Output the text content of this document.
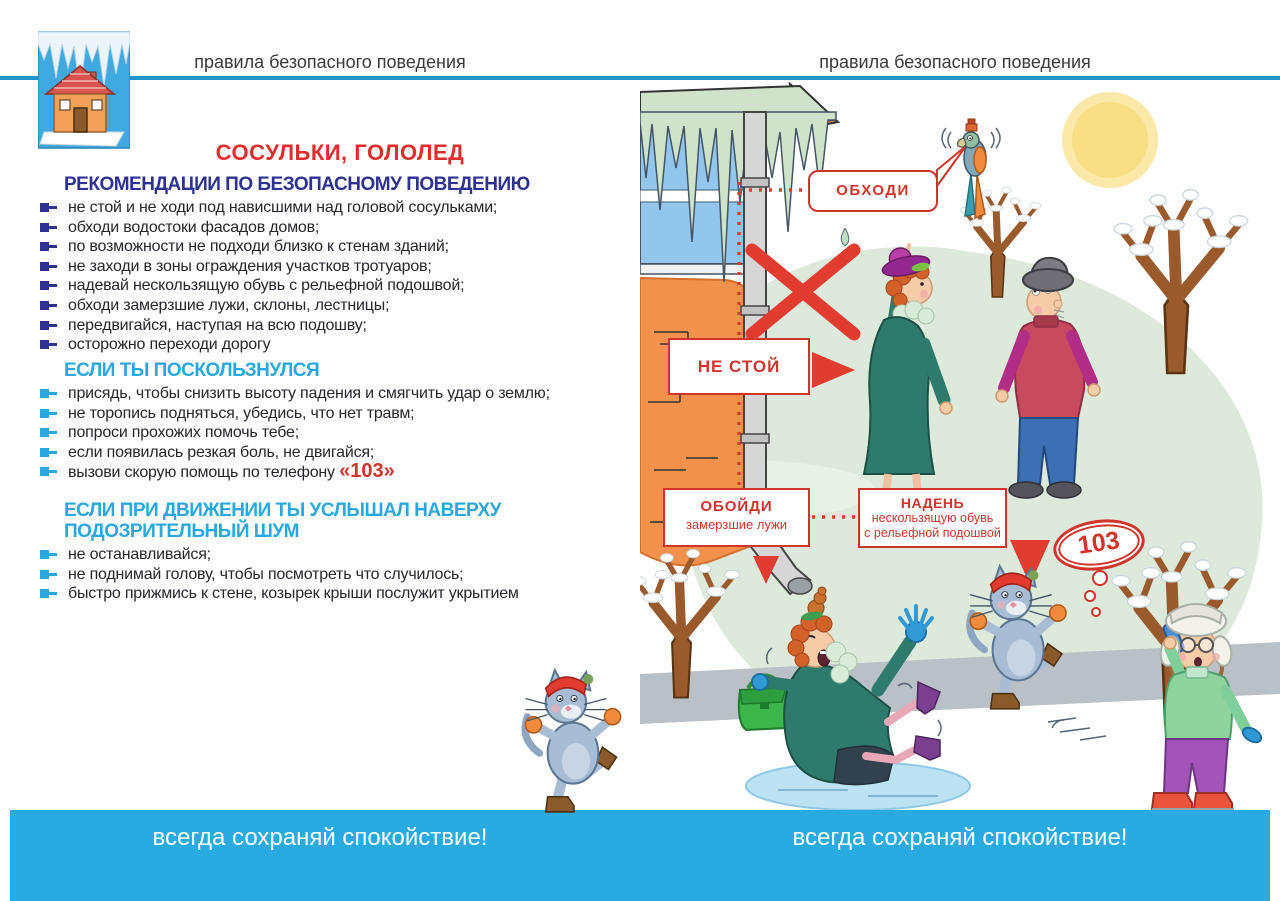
правила безопасного поведения	правила безопасного поведения
СОСУЛЬКИ, ГОЛОЛЕД
РЕКОМЕНДАЦИИ ПО БЕЗОПАСНОМУ ПОВЕДЕНИЮ
не стой и не ходи под нависшими над головой сосульками;
обходи водостоки фасадов домов;
по возможности не подходи близко к стенам зданий;
не заходи в зоны ограждения участков тротуаров;
надевай нескользящую обувь с рельефной подошвой;
обходи замерзшие лужи, склоны, лестницы;
передвигайся, наступая на всю подошву;
осторожно переходи дорогу
ЕСЛИ ТЫ ПОСКОЛЬЗНУЛСЯ
присядь, чтобы снизить высоту падения и смягчить удар о землю;
не торопись подняться, убедись, что нет травм;
попроси прохожих помочь тебе;
если появилась резкая боль, не двигайся;
вызови скорую помощь по телефону «103»
ЕСЛИ ПРИ ДВИЖЕНИИ ТЫ УСЛЫШАЛ НАВЕРХУ
ПОДОЗРИТЕЛЬНЫЙ ШУМ
не останавливайся;
не поднимай голову, чтобы посмотреть что случилось;
быстро прижмись к стене, козырек крыши послужит укрытием
ОБХОДИ
НЕ СТОЙ
ОБОЙДИ
замерзшие лужи
НАДЕНЬ
нескользящую обувь
с рельефной подошвой	103
всегда сохраняй спокойствие!	всегда сохраняй спокойствие!
